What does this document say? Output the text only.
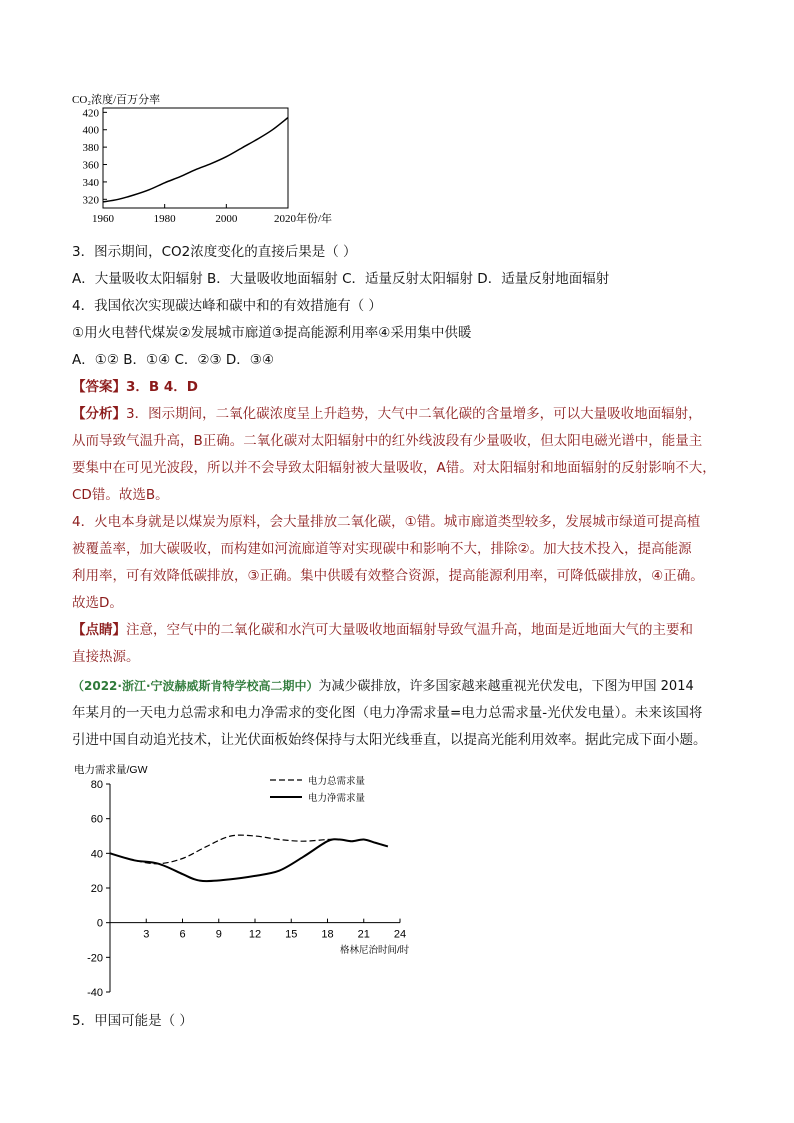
CO₂浓度/百万分率
420
400
380
360
340
320
1960	1980	2000	2020年份/年
3．图示期间，CO2浓度变化的直接后果是（ ）
A．大量吸收太阳辐射 B．大量吸收地面辐射 C．适量反射太阳辐射 D．适量反射地面辐射
4．我国依次实现碳达峰和碳中和的有效措施有（ ）
①用火电替代煤炭②发展城市廊道③提高能源利用率④采用集中供暖
A．①② B．①④ C．②③ D．③④
【答案】3．B 4．D
【分析】3．图示期间，二氧化碳浓度呈上升趋势，大气中二氧化碳的含量增多，可以大量吸收地面辐射，
从而导致气温升高，B正确。二氧化碳对太阳辐射中的红外线波段有少量吸收，但太阳电磁光谱中，能量主
要集中在可见光波段，所以并不会导致太阳辐射被大量吸收，A错。对太阳辐射和地面辐射的反射影响不大，
CD错。故选B。
4．火电本身就是以煤炭为原料，会大量排放二氧化碳，①错。城市廊道类型较多，发展城市绿道可提高植
被覆盖率，加大碳吸收，而构建如河流廊道等对实现碳中和影响不大，排除②。加大技术投入，提高能源
利用率，可有效降低碳排放，③正确。集中供暖有效整合资源，提高能源利用率，可降低碳排放，④正确。
故选D。
【点睛】注意，空气中的二氧化碳和水汽可大量吸收地面辐射导致气温升高，地面是近地面大气的主要和
直接热源。
（2022·浙江·宁波赫威斯肯特学校高二期中）为减少碳排放，许多国家越来越重视光伏发电，下图为甲国 2014
年某月的一天电力总需求和电力净需求的变化图（电力净需求量=电力总需求量-光伏发电量）。未来该国将
引进中国自动追光技术，让光伏面板始终保持与太阳光线垂直，以提高光能利用效率。据此完成下面小题。
电力需求量/GW
80
60
40
20
0
-20
-40
3	6	9 12 15 18 21 24
格林尼治时间/时
电力总需求量
电力净需求量
5．甲国可能是（ ）
